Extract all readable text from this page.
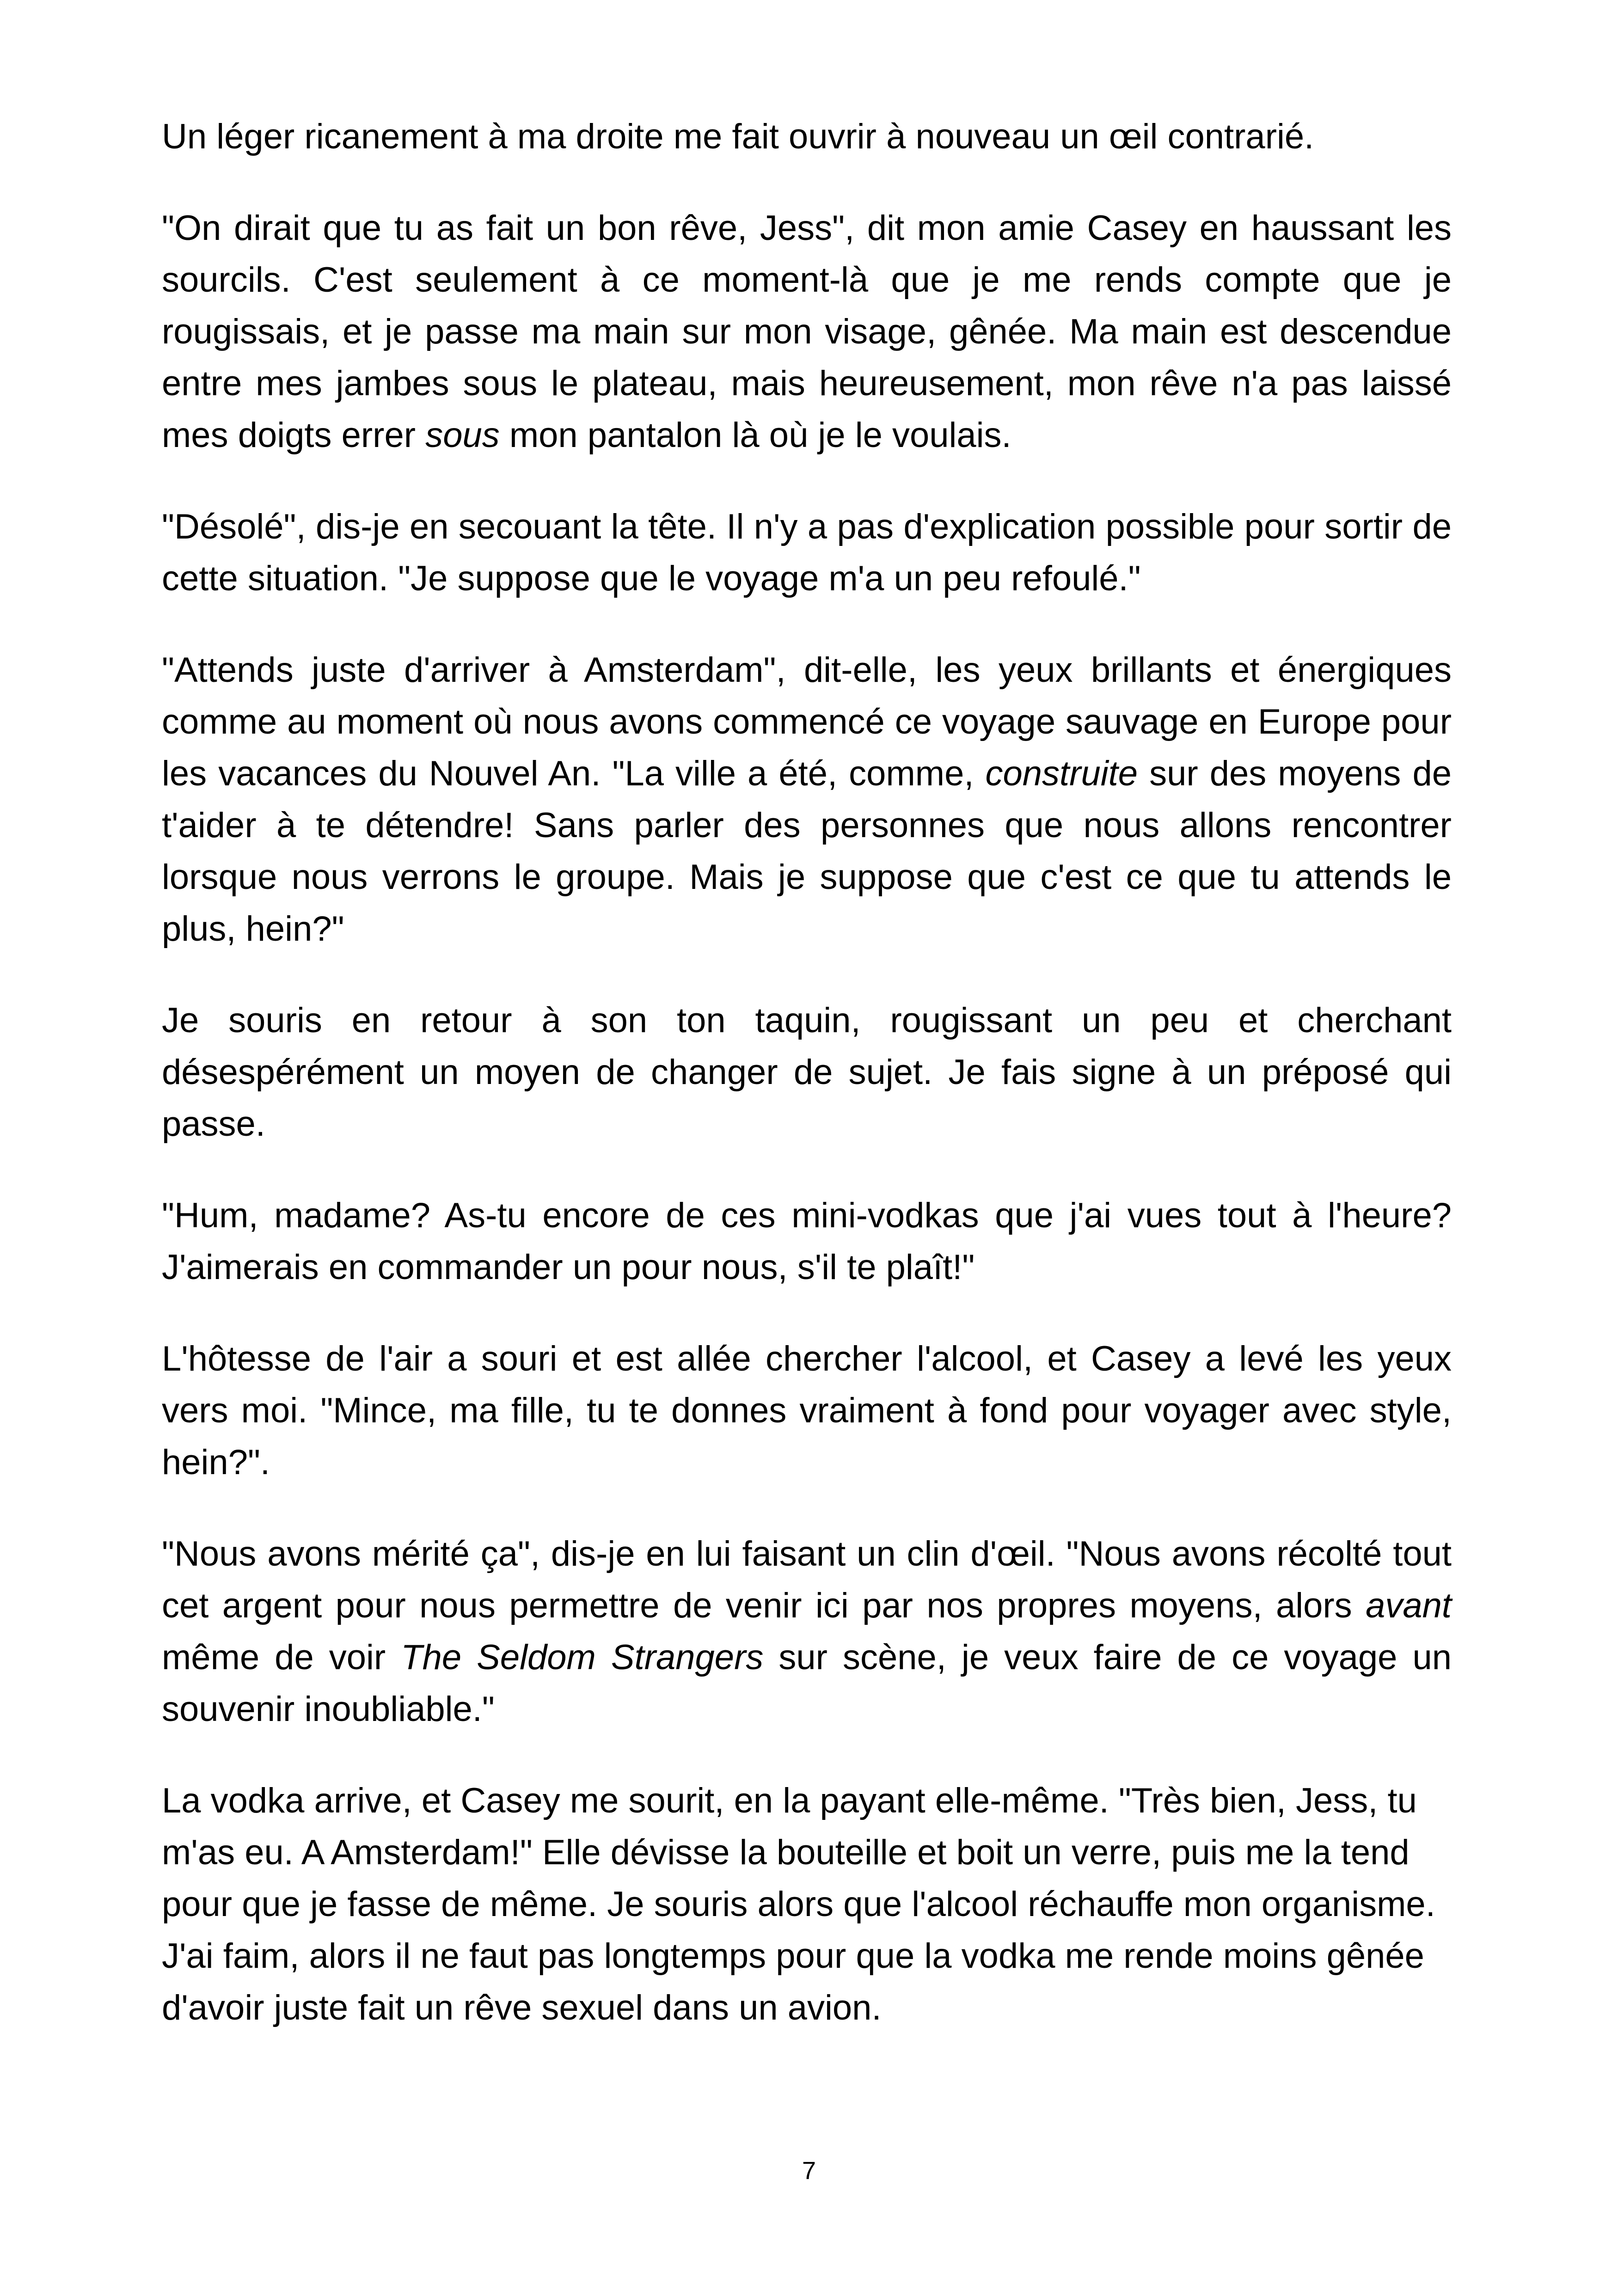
Un léger ricanement à ma droite me fait ouvrir à nouveau un œil contrarié.

"On dirait que tu as fait un bon rêve, Jess", dit mon amie Casey en haussant les sourcils. C'est seulement à ce moment-là que je me rends compte que je rougissais, et je passe ma main sur mon visage, gênée. Ma main est descendue entre mes jambes sous le plateau, mais heureusement, mon rêve n'a pas laissé mes doigts errer sous mon pantalon là où je le voulais.

"Désolé", dis-je en secouant la tête. Il n'y a pas d'explication possible pour sortir de cette situation. "Je suppose que le voyage m'a un peu refoulé."

"Attends juste d'arriver à Amsterdam", dit-elle, les yeux brillants et énergiques comme au moment où nous avons commencé ce voyage sauvage en Europe pour les vacances du Nouvel An. "La ville a été, comme, construite sur des moyens de t'aider à te détendre! Sans parler des personnes que nous allons rencontrer lorsque nous verrons le groupe. Mais je suppose que c'est ce que tu attends le plus, hein?"

Je souris en retour à son ton taquin, rougissant un peu et cherchant désespérément un moyen de changer de sujet. Je fais signe à un préposé qui passe.

"Hum, madame? As-tu encore de ces mini-vodkas que j'ai vues tout à l'heure? J'aimerais en commander un pour nous, s'il te plaît!"

L'hôtesse de l'air a souri et est allée chercher l'alcool, et Casey a levé les yeux vers moi. "Mince, ma fille, tu te donnes vraiment à fond pour voyager avec style, hein?".

"Nous avons mérité ça", dis-je en lui faisant un clin d'œil. "Nous avons récolté tout cet argent pour nous permettre de venir ici par nos propres moyens, alors avant même de voir The Seldom Strangers sur scène, je veux faire de ce voyage un souvenir inoubliable."

La vodka arrive, et Casey me sourit, en la payant elle-même. "Très bien, Jess, tu m'as eu. A Amsterdam!" Elle dévisse la bouteille et boit un verre, puis me la tend pour que je fasse de même. Je souris alors que l'alcool réchauffe mon organisme. J'ai faim, alors il ne faut pas longtemps pour que la vodka me rende moins gênée d'avoir juste fait un rêve sexuel dans un avion.

7
